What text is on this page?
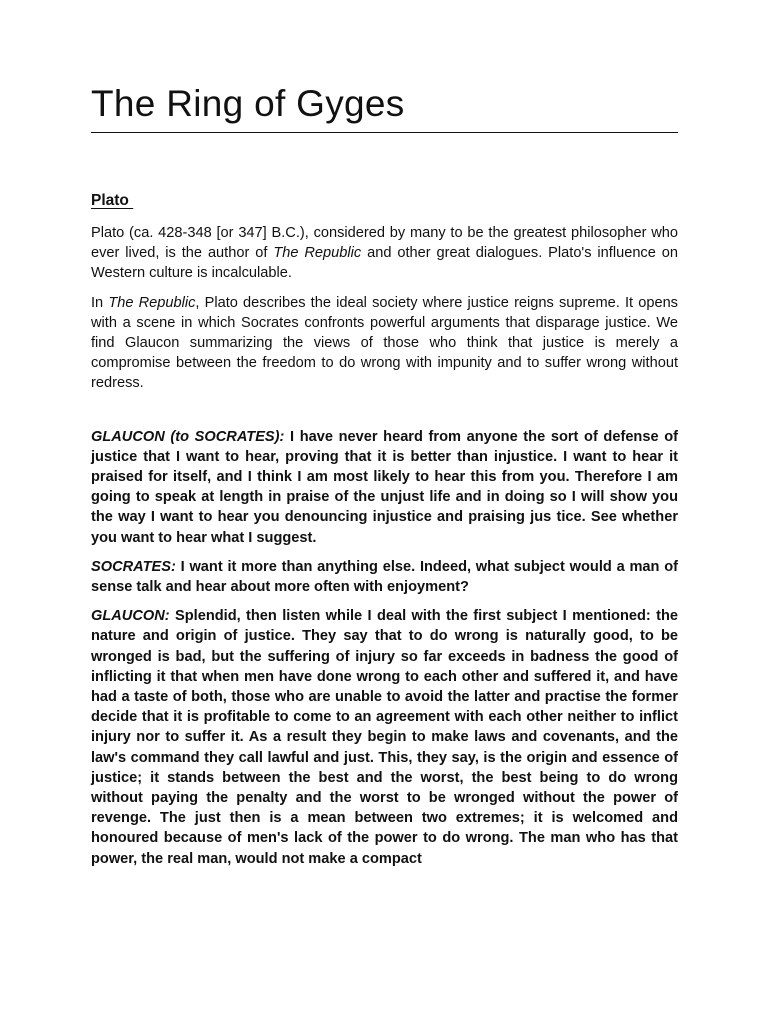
The Ring of Gyges
Plato

Plato (ca. 428-348 [or 347] B.C.), considered by many to be the greatest philosopher who ever lived, is the author of The Republic and other great dialogues. Plato's influence on Western culture is incalculable.

In The Republic, Plato describes the ideal society where justice reigns supreme. It opens with a scene in which Socrates confronts powerful arguments that disparage justice. We find Glaucon summarizing the views of those who think that justice is merely a compromise between the freedom to do wrong with impunity and to suffer wrong without redress.

GLAUCON (to SOCRATES): I have never heard from anyone the sort of defense of justice that I want to hear, proving that it is better than injustice. I want to hear it praised for itself, and I think I am most likely to hear this from you. Therefore I am going to speak at length in praise of the unjust life and in doing so I will show you the way I want to hear you denouncing injustice and praising jus tice. See whether you want to hear what I suggest.

SOCRATES: I want it more than anything else. Indeed, what subject would a man of sense talk and hear about more often with enjoyment?

GLAUCON: Splendid, then listen while I deal with the first subject I mentioned: the nature and origin of justice. They say that to do wrong is naturally good, to be wronged is bad, but the suffering of injury so far exceeds in badness the good of inflicting it that when men have done wrong to each other and suffered it, and have had a taste of both, those who are unable to avoid the latter and practise the former decide that it is profitable to come to an agreement with each other neither to inflict injury nor to suffer it. As a result they begin to make laws and covenants, and the law's command they call lawful and just. This, they say, is the origin and essence of justice; it stands between the best and the worst, the best being to do wrong without paying the penalty and the worst to be wronged without the power of revenge. The just then is a mean between two extremes; it is welcomed and honoured because of men's lack of the power to do wrong. The man who has that power, the real man, would not make a compact
